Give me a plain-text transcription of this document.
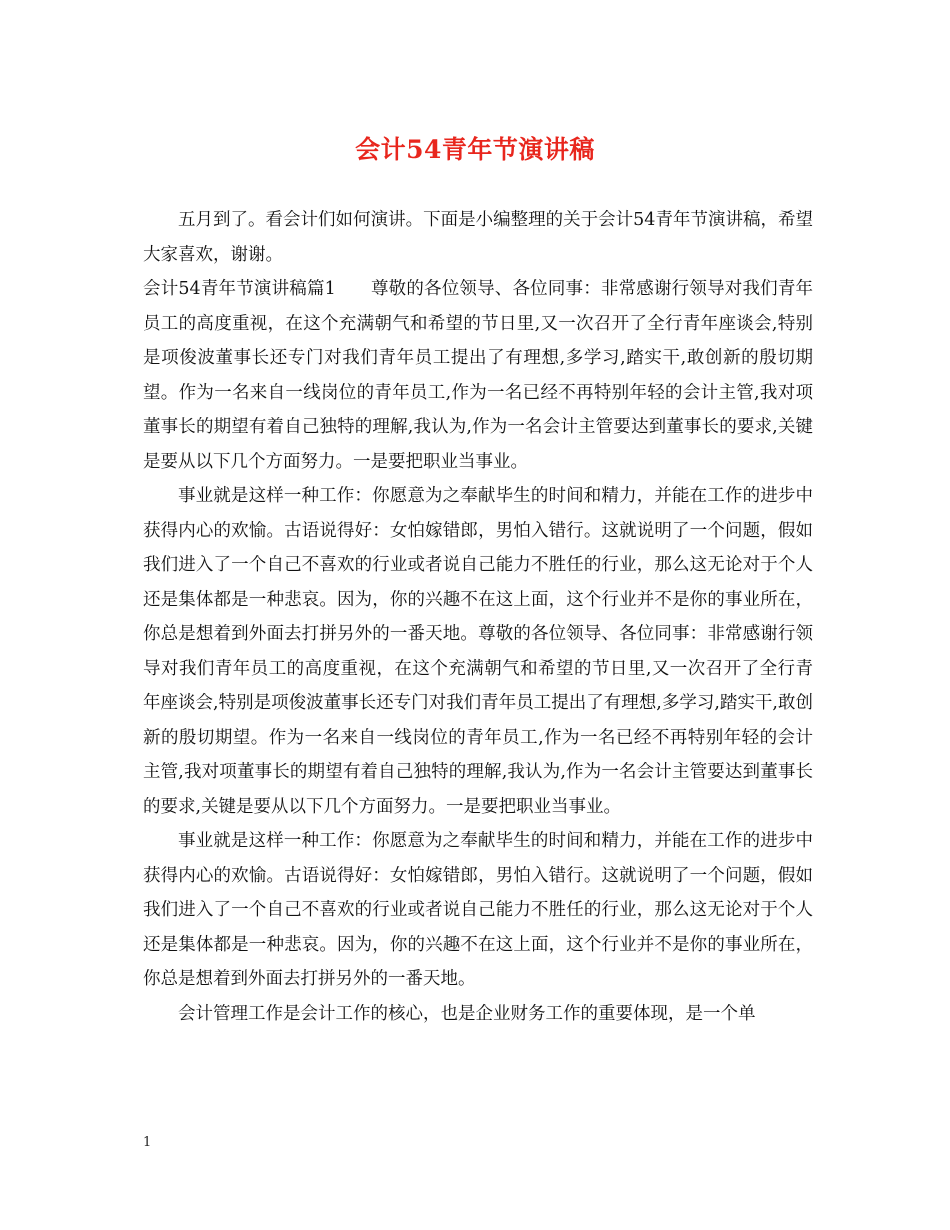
会计54青年节演讲稿

五月到了。看会计们如何演讲。下面是小编整理的关于会计54青年节演讲稿，希望大家喜欢，谢谢。

会计54青年节演讲稿篇1 尊敬的各位领导、各位同事：非常感谢行领导对我们青年员工的高度重视，在这个充满朝气和希望的节日里,又一次召开了全行青年座谈会,特别是项俊波董事长还专门对我们青年员工提出了有理想,多学习,踏实干,敢创新的殷切期望。作为一名来自一线岗位的青年员工,作为一名已经不再特别年轻的会计主管,我对项董事长的期望有着自己独特的理解,我认为,作为一名会计主管要达到董事长的要求,关键是要从以下几个方面努力。一是要把职业当事业。

事业就是这样一种工作：你愿意为之奉献毕生的时间和精力，并能在工作的进步中获得内心的欢愉。古语说得好：女怕嫁错郎，男怕入错行。这就说明了一个问题，假如我们进入了一个自己不喜欢的行业或者说自己能力不胜任的行业，那么这无论对于个人还是集体都是一种悲哀。因为，你的兴趣不在这上面，这个行业并不是你的事业所在，你总是想着到外面去打拼另外的一番天地。尊敬的各位领导、各位同事：非常感谢行领导对我们青年员工的高度重视，在这个充满朝气和希望的节日里,又一次召开了全行青年座谈会,特别是项俊波董事长还专门对我们青年员工提出了有理想,多学习,踏实干,敢创新的殷切期望。作为一名来自一线岗位的青年员工,作为一名已经不再特别年轻的会计主管,我对项董事长的期望有着自己独特的理解,我认为,作为一名会计主管要达到董事长的要求,关键是要从以下几个方面努力。一是要把职业当事业。

事业就是这样一种工作：你愿意为之奉献毕生的时间和精力，并能在工作的进步中获得内心的欢愉。古语说得好：女怕嫁错郎，男怕入错行。这就说明了一个问题，假如我们进入了一个自己不喜欢的行业或者说自己能力不胜任的行业，那么这无论对于个人还是集体都是一种悲哀。因为，你的兴趣不在这上面，这个行业并不是你的事业所在，你总是想着到外面去打拼另外的一番天地。

会计管理工作是会计工作的核心，也是企业财务工作的重要体现，是一个单

1
